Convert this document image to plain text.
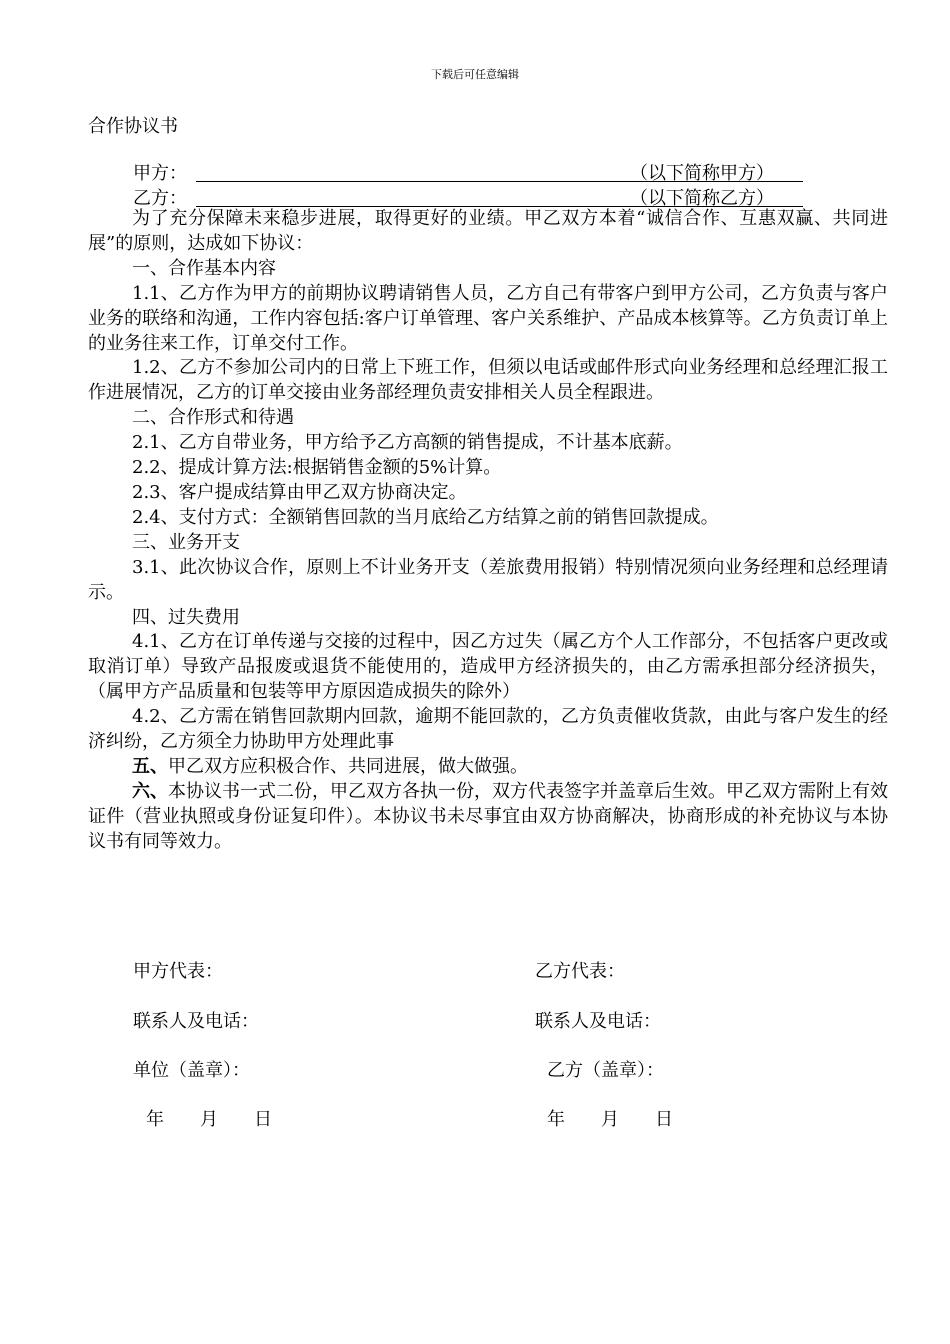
下载后可任意编辑
合作协议书
甲方：	（以下简称甲方）
乙方：	（以下简称乙方）

为了充分保障未来稳步进展，取得更好的业绩。甲乙双方本着“诚信合作、互惠双赢、共同进展”的原则，达成如下协议：

一、合作基本内容

1.1、乙方作为甲方的前期协议聘请销售人员，乙方自己有带客户到甲方公司，乙方负责与客户业务的联络和沟通，工作内容包括:客户订单管理、客户关系维护、产品成本核算等。乙方负责订单上的业务往来工作，订单交付工作。

1.2、乙方不参加公司内的日常上下班工作，但须以电话或邮件形式向业务经理和总经理汇报工作进展情况，乙方的订单交接由业务部经理负责安排相关人员全程跟进。

二、合作形式和待遇

2.1、乙方自带业务，甲方给予乙方高额的销售提成，不计基本底薪。

2.2、提成计算方法:根据销售金额的5%计算。

2.3、客户提成结算由甲乙双方协商决定。

2.4、支付方式：全额销售回款的当月底给乙方结算之前的销售回款提成。

三、业务开支

3.1、此次协议合作，原则上不计业务开支（差旅费用报销）特别情况须向业务经理和总经理请示。

四、过失费用

4.1、乙方在订单传递与交接的过程中，因乙方过失（属乙方个人工作部分，不包括客户更改或取消订单）导致产品报废或退货不能使用的，造成甲方经济损失的，由乙方需承担部分经济损失，（属甲方产品质量和包装等甲方原因造成损失的除外）

4.2、乙方需在销售回款期内回款，逾期不能回款的，乙方负责催收货款，由此与客户发生的经济纠纷，乙方须全力协助甲方处理此事

五、甲乙双方应积极合作、共同进展，做大做强。

六、本协议书一式二份，甲乙双方各执一份，双方代表签字并盖章后生效。甲乙双方需附上有效证件（营业执照或身份证复印件）。本协议书未尽事宜由双方协商解决，协商形成的补充协议与本协议书有同等效力。

甲方代表：	乙方代表：
联系人及电话：	联系人及电话：
单位（盖章）：	乙方（盖章）：
年　　月　　日	年　　月　　日
